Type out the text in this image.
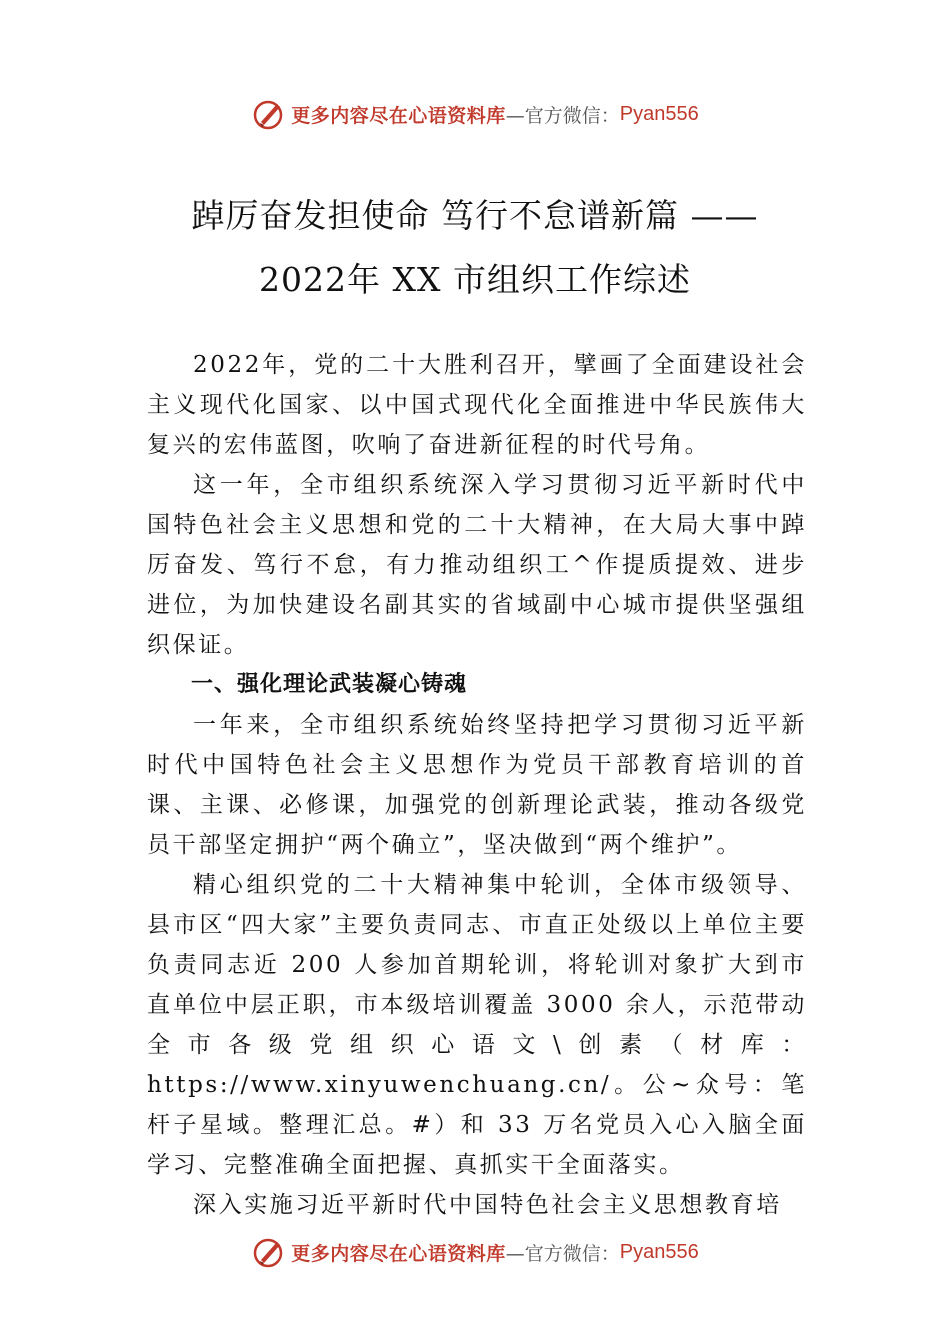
更多内容尽在心语资料库 —官方微信： Pyan556
踔厉奋发担使命 笃行不怠谱新篇 ——
2022年 XX 市组织工作综述

2022年，党的二十大胜利召开，擘画了全面建设社会主义现代化国家、以中国式现代化全面推进中华民族伟大复兴的宏伟蓝图，吹响了奋进新征程的时代号角。

这一年，全市组织系统深入学习贯彻习近平新时代中国特色社会主义思想和党的二十大精神，在大局大事中踔厉奋发、笃行不怠，有力推动组织工^作提质提效、进步进位，为加快建设名副其实的省域副中心城市提供坚强组织保证。

一、强化理论武装凝心铸魂

一年来，全市组织系统始终坚持把学习贯彻习近平新时代中国特色社会主义思想作为党员干部教育培训的首课、主课、必修课，加强党的创新理论武装，推动各级党员干部坚定拥护“两个确立”，坚决做到“两个维护”。

精心组织党的二十大精神集中轮训，全体市级领导、县市区“四大家”主要负责同志、市直正处级以上单位主要负责同志近 200 人参加首期轮训，将轮训对象扩大到市直单位中层正职，市本级培训覆盖 3000 余人，示范带动全市各级党组织心语文\创素（材库：https://www.xinyuwenchuang.cn/。公~众号：笔杆子星域。整理汇总。#）和 33 万名党员入心入脑全面学习、完整准确全面把握、真抓实干全面落实。

深入实施习近平新时代中国特色社会主义思想教育培

更多内容尽在心语资料库 —官方微信： Pyan556
